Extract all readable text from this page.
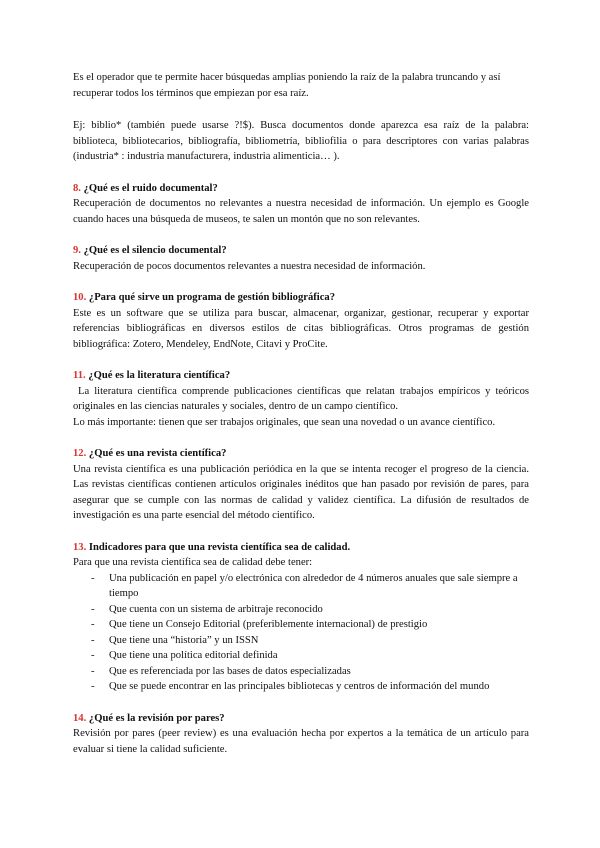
Es el operador que te permite hacer búsquedas amplias poniendo la raíz de la palabra truncando y así recuperar todos los términos que empiezan por esa raíz.

Ej: biblio* (también puede usarse ?!$). Busca documentos donde aparezca esa raíz de la palabra: biblioteca, bibliotecarios, bibliografía, bibliometría, bibliofilia o para descriptores con varias palabras (industria* : industria manufacturera, industria alimenticia… ).

8. ¿Qué es el ruido documental?

Recuperación de documentos no relevantes a nuestra necesidad de información. Un ejemplo es Google cuando haces una búsqueda de museos, te salen un montón que no son relevantes.

9. ¿Qué es el silencio documental?

Recuperación de pocos documentos relevantes a nuestra necesidad de información.

10. ¿Para qué sirve un programa de gestión bibliográfica?

Este es un software que se utiliza para buscar, almacenar, organizar, gestionar, recuperar y exportar referencias bibliográficas en diversos estilos de citas bibliográficas. Otros programas de gestión bibliográfica: Zotero, Mendeley, EndNote, Citavi y ProCite.

11. ¿Qué es la literatura científica?

La literatura científica comprende publicaciones científicas que relatan trabajos empíricos y teóricos originales en las ciencias naturales y sociales, dentro de un campo científico.

Lo más importante: tienen que ser trabajos originales, que sean una novedad o un avance científico.

12. ¿Qué es una revista científica?

Una revista científica es una publicación periódica en la que se intenta recoger el progreso de la ciencia. Las revistas científicas contienen artículos originales inéditos que han pasado por revisión de pares, para asegurar que se cumple con las normas de calidad y validez científica. La difusión de resultados de investigación es una parte esencial del método científico.

13. Indicadores para que una revista científica sea de calidad.

Para que una revista científica sea de calidad debe tener:

- Una publicación en papel y/o electrónica con alrededor de 4 números anuales que sale siempre a tiempo
- Que cuenta con un sistema de arbitraje reconocido
- Que tiene un Consejo Editorial (preferiblemente internacional) de prestigio
- Que tiene una “historia” y un ISSN
- Que tiene una política editorial definida
- Que es referenciada por las bases de datos especializadas
- Que se puede encontrar en las principales bibliotecas y centros de información del mundo
14. ¿Qué es la revisión por pares?

Revisión por pares (peer review) es una evaluación hecha por expertos a la temática de un artículo para evaluar si tiene la calidad suficiente.
